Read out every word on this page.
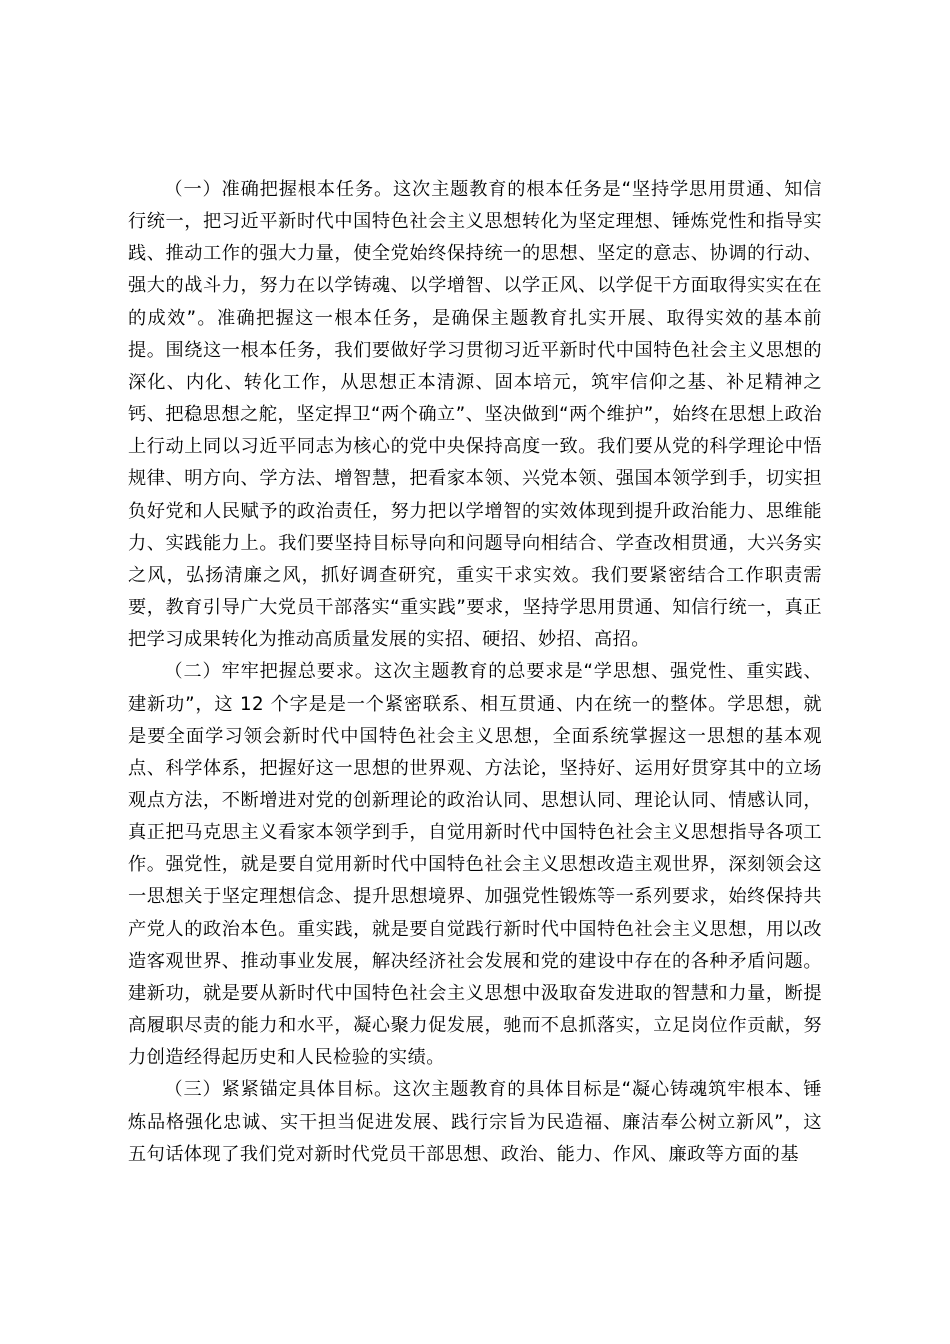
（一）准确把握根本任务。这次主题教育的根本任务是“坚持学思用贯通、知信行统一，把习近平新时代中国特色社会主义思想转化为坚定理想、锤炼党性和指导实践、推动工作的强大力量，使全党始终保持统一的思想、坚定的意志、协调的行动、强大的战斗力，努力在以学铸魂、以学增智、以学正风、以学促干方面取得实实在在的成效”。准确把握这一根本任务，是确保主题教育扎实开展、取得实效的基本前提。围绕这一根本任务，我们要做好学习贯彻习近平新时代中国特色社会主义思想的深化、内化、转化工作，从思想正本清源、固本培元，筑牢信仰之基、补足精神之钙、把稳思想之舵，坚定捍卫“两个确立”、坚决做到“两个维护”，始终在思想上政治上行动上同以习近平同志为核心的党中央保持高度一致。我们要从党的科学理论中悟规律、明方向、学方法、增智慧，把看家本领、兴党本领、强国本领学到手，切实担负好党和人民赋予的政治责任，努力把以学增智的实效体现到提升政治能力、思维能力、实践能力上。我们要坚持目标导向和问题导向相结合、学查改相贯通，大兴务实之风，弘扬清廉之风，抓好调查研究，重实干求实效。我们要紧密结合工作职责需要，教育引导广大党员干部落实“重实践”要求，坚持学思用贯通、知信行统一，真正把学习成果转化为推动高质量发展的实招、硬招、妙招、高招。

（二）牢牢把握总要求。这次主题教育的总要求是“学思想、强党性、重实践、建新功”，这 12 个字是是一个紧密联系、相互贯通、内在统一的整体。学思想，就是要全面学习领会新时代中国特色社会主义思想，全面系统掌握这一思想的基本观点、科学体系，把握好这一思想的世界观、方法论，坚持好、运用好贯穿其中的立场观点方法，不断增进对党的创新理论的政治认同、思想认同、理论认同、情感认同，真正把马克思主义看家本领学到手，自觉用新时代中国特色社会主义思想指导各项工作。强党性，就是要自觉用新时代中国特色社会主义思想改造主观世界，深刻领会这一思想关于坚定理想信念、提升思想境界、加强党性锻炼等一系列要求，始终保持共产党人的政治本色。重实践，就是要自觉践行新时代中国特色社会主义思想，用以改造客观世界、推动事业发展，解决经济社会发展和党的建设中存在的各种矛盾问题。建新功，就是要从新时代中国特色社会主义思想中汲取奋发进取的智慧和力量，断提高履职尽责的能力和水平，凝心聚力促发展，驰而不息抓落实，立足岗位作贡献，努力创造经得起历史和人民检验的实绩。

（三）紧紧锚定具体目标。这次主题教育的具体目标是“凝心铸魂筑牢根本、锤炼品格强化忠诚、实干担当促进发展、践行宗旨为民造福、廉洁奉公树立新风”，这五句话体现了我们党对新时代党员干部思想、政治、能力、作风、廉政等方面的基
